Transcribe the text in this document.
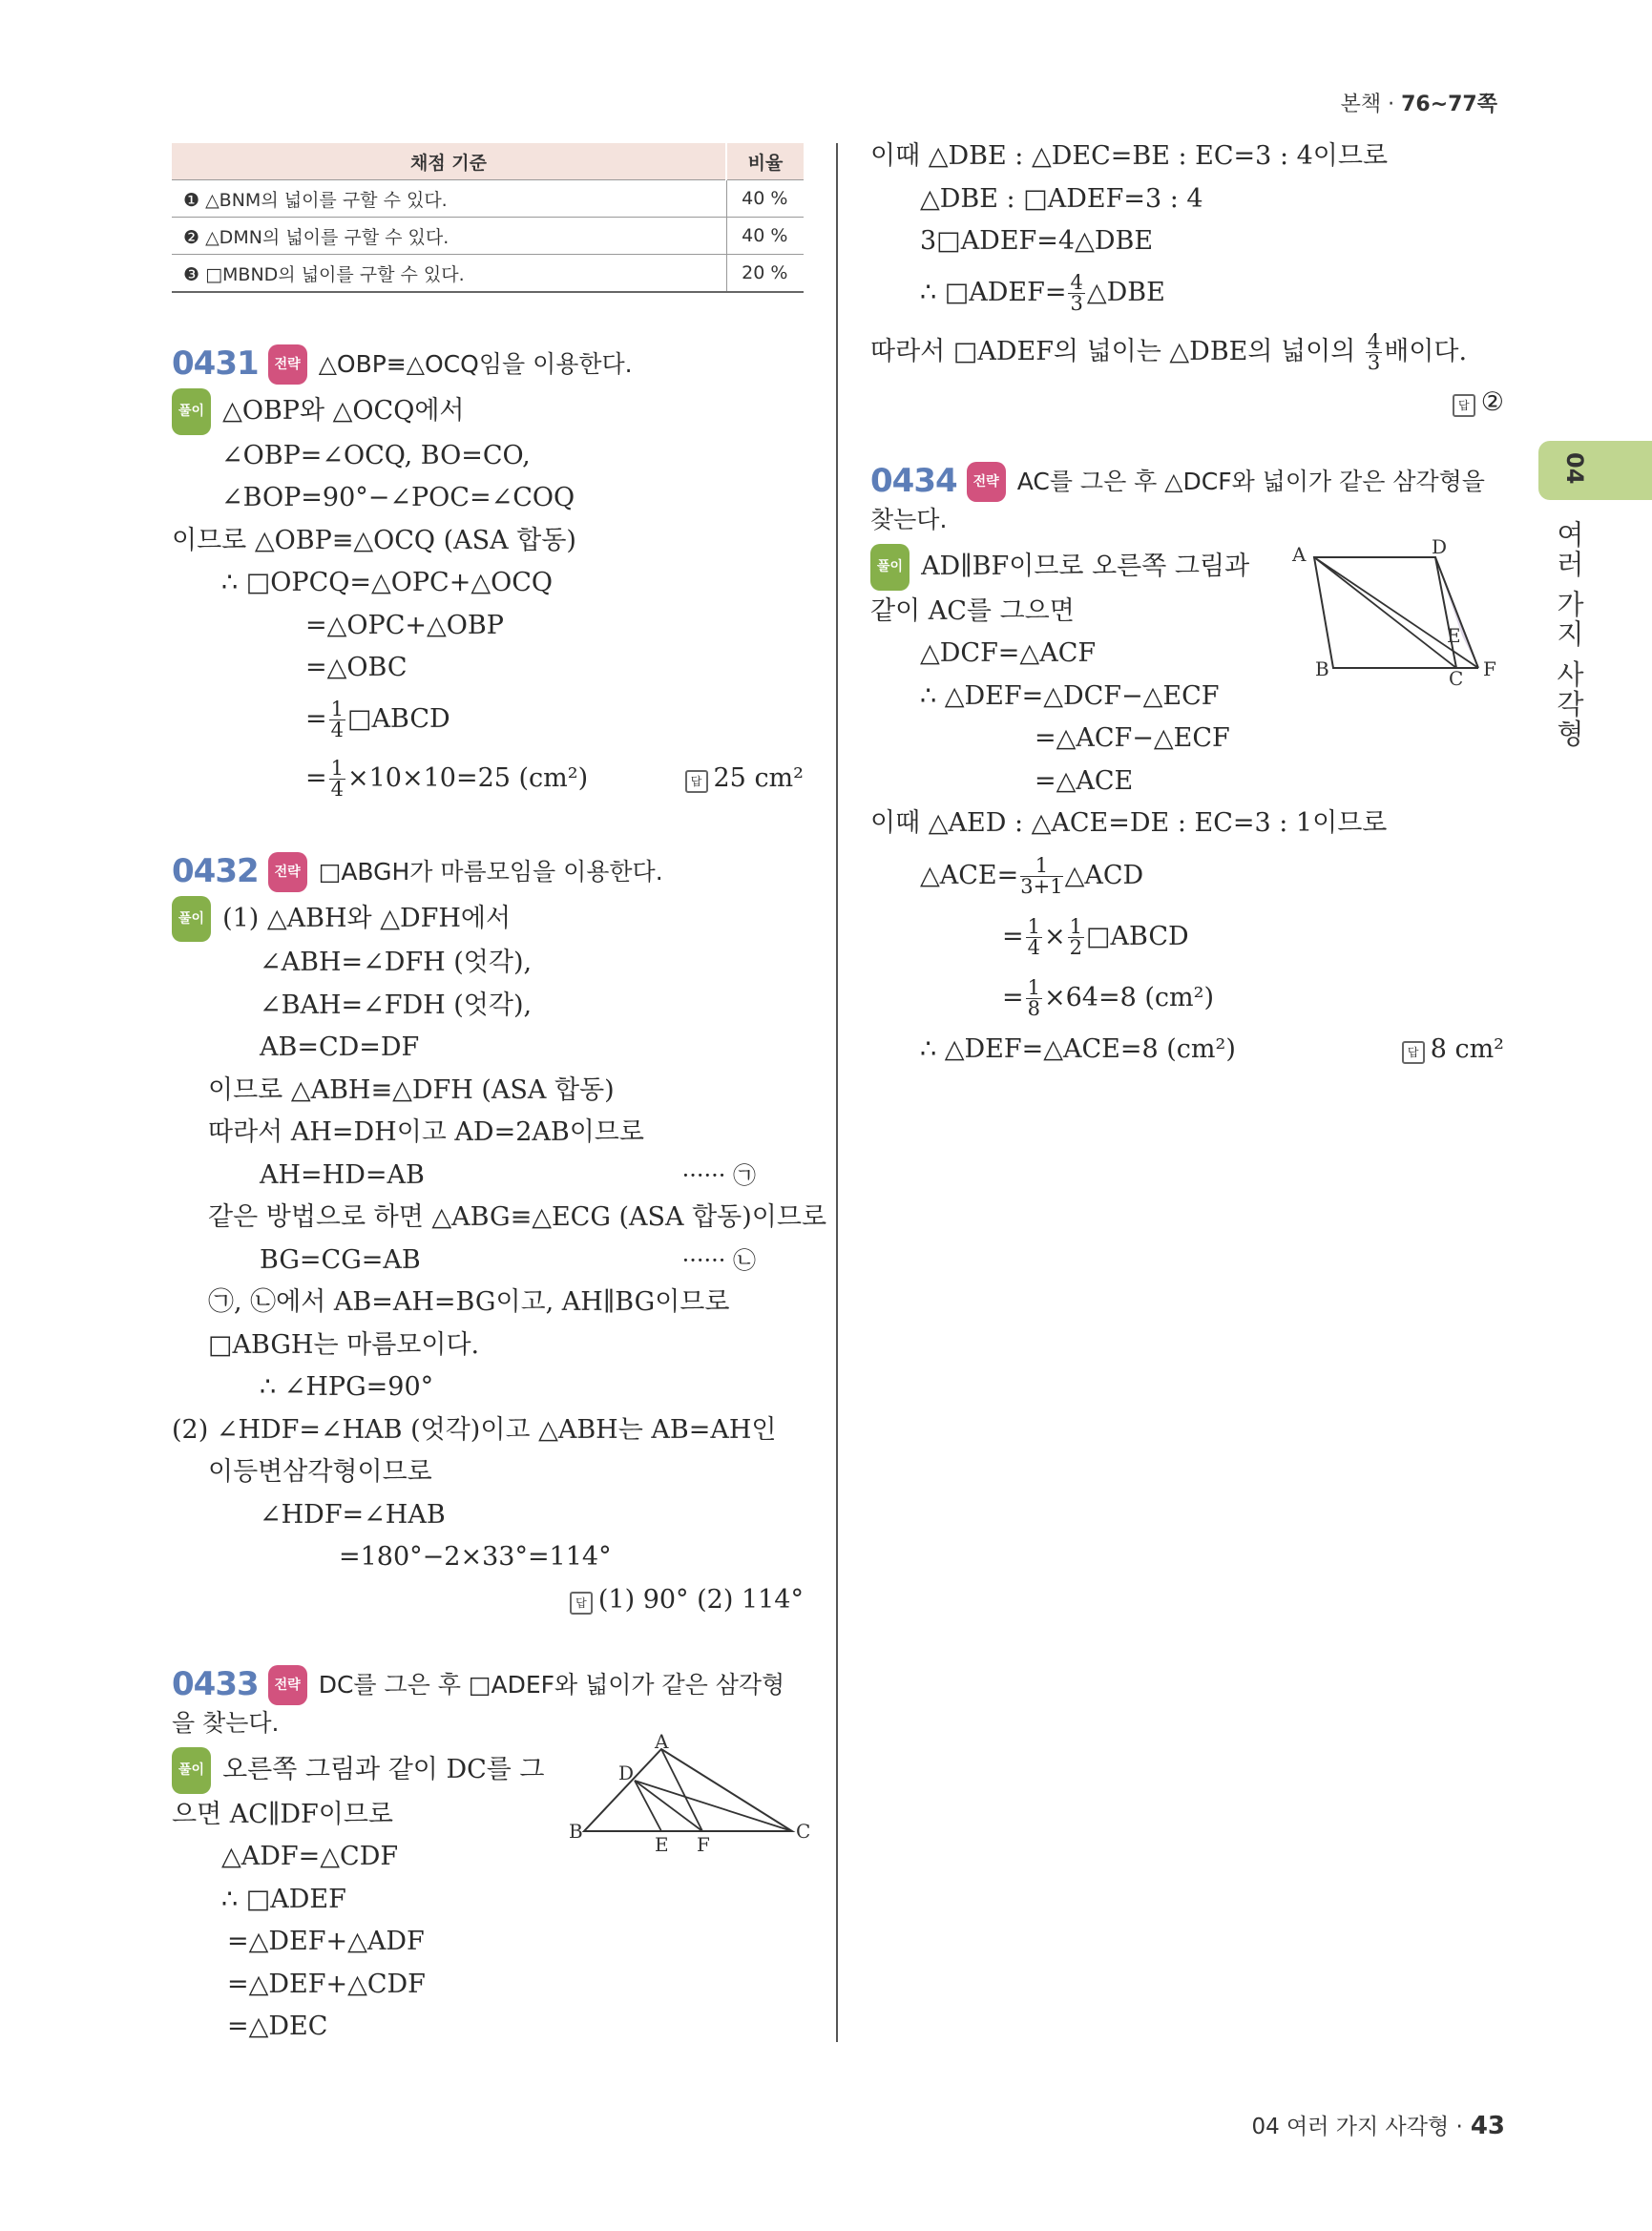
본책 · 76~77쪽
04
여러 가지 사각형
채점 기준	비율
❶ △BNM의 넓이를 구할 수 있다.	40 %
❷ △DMN의 넓이를 구할 수 있다.	40 %
❸ □MBND의 넓이를 구할 수 있다.	20 %
0431 전략 △OBP≡△OCQ임을 이용한다.
풀이 △OBP와 △OCQ에서
∠OBP=∠OCQ, BO=CO,
∠BOP=90°−∠POC=∠COQ
이므로 △OBP≡△OCQ (ASA 합동)
∴ □OPCQ=△OPC+△OCQ
=△OPC+△OBP
=△OBC
= $\frac{1}{4}$ □ABCD
= $\frac{1}{4} \times 10\times 10=25$ (cm²)	답 25 cm²
0432 전략 □ABGH가 마름모임을 이용한다.
풀이 (1) △ABH와 △DFH에서
∠ABH=∠DFH (엇각),
∠BAH=∠FDH (엇각),
AB=CD=DF
이므로 △ABH≡△DFH (ASA 합동)
따라서 AH=DH이고 AD=2AB이므로
AH=HD=AB	······ ㉠
같은 방법으로 하면 △ABG≡△ECG (ASA 합동)이므로
BG=CG=AB	······ ㉡
㉠, ㉡에서 AB=AH=BG이고, AH∥BG이므로
□ABGH는 마름모이다.
∴ ∠HPG=90°
(2) ∠HDF=∠HAB (엇각)이고 △ABH는 AB=AH인
이등변삼각형이므로
∠HDF=∠HAB
=180°−2×33°=114°
답 (1) 90° (2) 114°
0433 전략 DC를 그은 후 □ADEF와 넓이가 같은 삼각형을 찾는다.
풀이 오른쪽 그림과 같이 DC를 그
으면 AC∥DF이므로
△ADF=△CDF
∴ □ADEF
=△DEF+△ADF
=△DEF+△CDF
=△DEC
A
D
B
E F
C
이때 △DBE : △DEC=BE : EC=3 : 4이므로
△DBE : □ADEF=3 : 4
3□ADEF=4△DBE
∴ □ADEF= $\frac{4}{3}$ △DBE
따라서 □ADEF의 넓이는 △DBE의 넓이의 $\frac{4}{3}$ 배이다.
답 ②
0434 전략 AC를 그은 후 △DCF와 넓이가 같은 삼각형을 찾는다.
풀이 AD∥BF이므로 오른쪽 그림과
같이 AC를 그으면
△DCF=△ACF
∴ △DEF=△DCF−△ECF
=△ACF−△ECF
=△ACE
A	D
E
B	C F
이때 △AED : △ACE=DE : EC=3 : 1이므로
△ACE= $\frac{1}{3+1}$ △ACD
= $\frac{1}{4} \times \frac{1}{2}$ □ABCD
= $\frac{1}{8} \times 64=8$ (cm²)
∴ △DEF=△ACE=8 (cm²)	답 8 cm²
04 여러 가지 사각형 · 43
